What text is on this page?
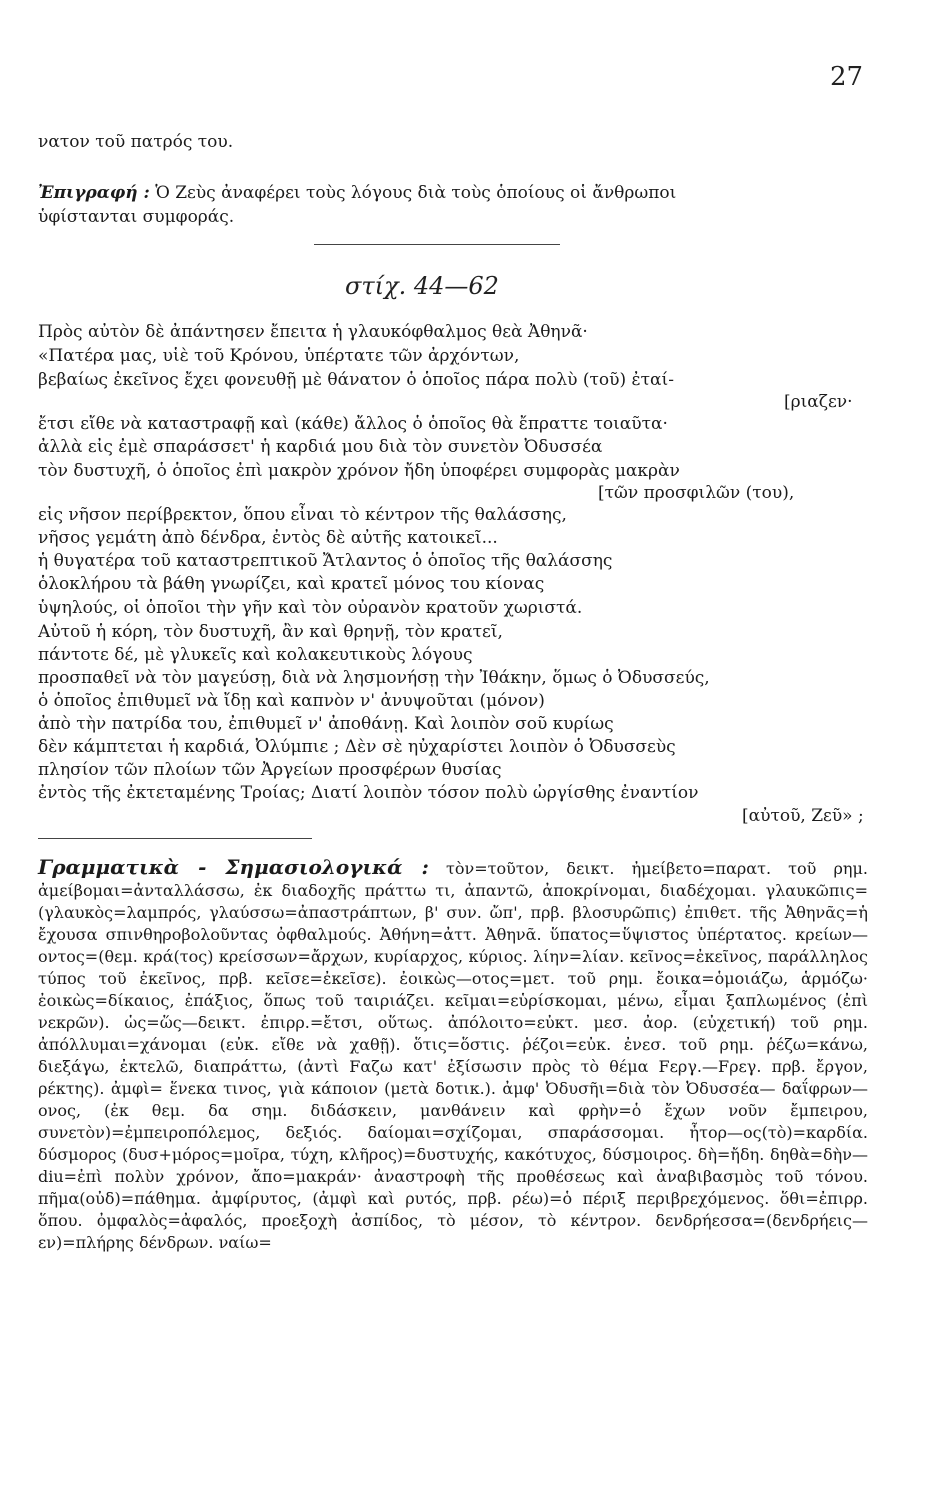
27
νατον τοῦ πατρός του.
Ἐπιγραφή : Ὁ Ζεὺς ἀναφέρει τοὺς λόγους διὰ τοὺς ὁποίους οἱ ἄνθρωποι
ὑφίστανται συμφοράς.
στίχ. 44—62
Πρὸς αὐτὸν δὲ ἀπάντησεν ἔπειτα ἡ γλαυκόφθαλμος θεὰ Ἀθηνᾶ·
«Πατέρα μας, υἱὲ τοῦ Κρόνου, ὑπέρτατε τῶν ἀρχόντων,
βεβαίως ἐκεῖνος ἔχει φονευθῇ μὲ θάνατον ὁ ὁποῖος πάρα πολὺ (τοῦ) ἐταί-
[ριαζεν·
ἔτσι εἴθε νὰ καταστραφῇ καὶ (κάθε) ἄλλος ὁ ὁποῖος θὰ ἔπραττε τοιαῦτα·
ἀλλὰ εἰς ἐμὲ σπαράσσετ' ἡ καρδιά μου διὰ τὸν συνετὸν Ὀδυσσέα
τὸν δυστυχῆ, ὁ ὁποῖος ἐπὶ μακρὸν χρόνον ἤδη ὑποφέρει συμφορὰς μακρὰν
[τῶν προσφιλῶν (του),
εἰς νῆσον περίβρεκτον, ὅπου εἶναι τὸ κέντρον τῆς θαλάσσης,
νῆσος γεμάτη ἀπὸ δένδρα, ἐντὸς δὲ αὐτῆς κατοικεῖ...
ἡ θυγατέρα τοῦ καταστρεπτικοῦ Ἄτλαντος ὁ ὁποῖος τῆς θαλάσσης
ὁλοκλήρου τὰ βάθη γνωρίζει, καὶ κρατεῖ μόνος του κίονας
ὑψηλούς, οἱ ὁποῖοι τὴν γῆν καὶ τὸν οὐρανὸν κρατοῦν χωριστά.
Αὐτοῦ ἡ κόρη, τὸν δυστυχῆ, ἂν καὶ θρηνῇ, τὸν κρατεῖ,
πάντοτε δέ, μὲ γλυκεῖς καὶ κολακευτικοὺς λόγους
προσπαθεῖ νὰ τὸν μαγεύσῃ, διὰ νὰ λησμονήσῃ τὴν Ἰθάκην, ὅμως ὁ Ὀδυσσεύς,
ὁ ὁποῖος ἐπιθυμεῖ νὰ ἴδῃ καὶ καπνὸν ν' ἀνυψοῦται (μόνον)
ἀπὸ τὴν πατρίδα του, ἐπιθυμεῖ ν' ἀποθάνῃ. Καὶ λοιπὸν σοῦ κυρίως
δὲν κάμπτεται ἡ καρδιά, Ὀλύμπιε ; Δὲν σὲ ηὐχαρίστει λοιπὸν ὁ Ὀδυσσεὺς
πλησίον τῶν πλοίων τῶν Ἀργείων προσφέρων θυσίας
ἐντὸς τῆς ἐκτεταμένης Τροίας; Διατί λοιπὸν τόσον πολὺ ὠργίσθης ἐναντίον
[αὐτοῦ, Ζεῦ» ;
Γραμματικὰ - Σημασιολογικά : τὸν=τοῦτον, δεικτ. ἠμείβετο=παρατ. τοῦ ρημ. ἀμείβομαι=ἀνταλλάσσω, ἐκ διαδοχῆς πράττω τι, ἀπαντῶ, ἀποκρίνομαι, διαδέχομαι. γλαυκῶπις=(γλαυκὸς=λαμπρός, γλαύσσω=ἀπαστράπτων, β' συν. ὤπ', πρβ. βλοσυρῶπις) ἐπιθετ. τῆς Ἀθηνᾶς=ἡ ἔχουσα σπινθηροβολοῦντας ὀφθαλμούς. Ἀθήνη=ἀττ. Ἀθηνᾶ. ὕπατος=ὕψιστος ὑπέρτατος. κρείων—οντος=(θεμ. κρά(τος) κρείσσων=ἄρχων, κυρίαρχος, κύριος. λίην=λίαν. κεῖνος=ἐκεῖνος, παράλληλος τύπος τοῦ ἐκεῖνος, πρβ. κεῖσε=ἐκεῖσε). ἐοικὼς—οτος=μετ. τοῦ ρημ. ἔοικα=ὁμοιάζω, ἁρμόζω· ἐοικὼς=δίκαιος, ἐπάξιος, ὅπως τοῦ ταιριάζει. κεῖμαι=εὑρίσκομαι, μένω, εἶμαι ξαπλωμένος (ἐπὶ νεκρῶν). ὡς=ὥς—δεικτ. ἐπιρρ.=ἔτσι, οὕτως. ἀπόλοιτο=εὐκτ. μεσ. ἀορ. (εὐχετική) τοῦ ρημ. ἀπόλλυμαι=χάνομαι (εὐκ. εἴθε νὰ χαθῇ). ὅτις=ὅστις. ῥέζοι=εὐκ. ἐνεσ. τοῦ ρημ. ῥέζω=κάνω, διεξάγω, ἐκτελῶ, διαπράττω, (ἀντὶ Fαζω κατ' ἐξίσωσιν πρὸς τὸ θέμα Fεργ.—Fρεγ. πρβ. ἔργον, ρέκτης). ἀμφὶ= ἕνεκα τινος, γιὰ κάποιον (μετὰ δοτικ.). ἀμφ' Ὀδυσῆι=διὰ τὸν Ὀδυσσέα— δαΐφρων—ονος, (ἐκ θεμ. δα σημ. διδάσκειν, μανθάνειν καὶ φρὴν=ὁ ἔχων νοῦν ἔμπειρου, συνετὸν)=ἐμπειροπόλεμος, δεξιός. δαίομαι=σχίζομαι, σπαράσσομαι. ἦτορ—ος(τὸ)=καρδία. δύσμορος (δυσ+μόρος=μοῖρα, τύχη, κλῆρος)=δυστυχής, κακότυχος, δύσμοιρος. δὴ=ἤδη. δηθὰ=δὴν—diu=ἐπὶ πολὺν χρόνον, ἄπο=μακράν· ἀναστροφὴ τῆς προθέσεως καὶ ἀναβιβασμὸς τοῦ τόνου. πῆμα(οὐδ)=πάθημα. ἀμφίρυτος, (ἀμφὶ καὶ ρυτός, πρβ. ρέω)=ὁ πέριξ περιβρεχόμενος. ὅθι=ἐπιρρ. ὅπου. ὀμφαλὸς=ἀφαλός, προεξοχὴ ἀσπίδος, τὸ μέσον, τὸ κέντρον. δενδρήεσσα=(δενδρήεις—εν)=πλήρης δένδρων. ναίω=
